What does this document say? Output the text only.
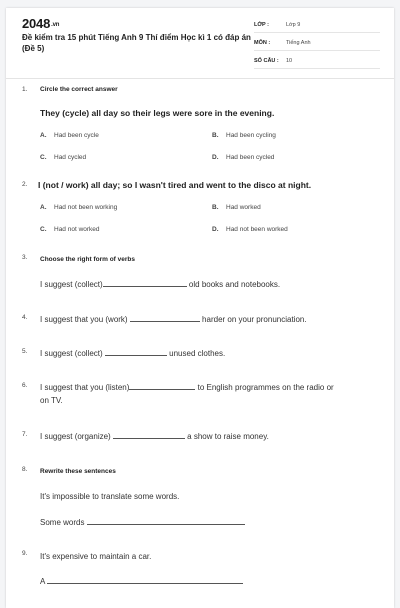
2048.vn
Đề kiểm tra 15 phút Tiếng Anh 9 Thí điểm Học kì 1 có đáp án (Đề 5)
LỚP :	Lớp 9
MÔN :	Tiếng Anh
SỐ CÂU : 10
1. Circle the correct answer
They (cycle) all day so their legs were sore in the evening.
A. Had been cycle	B. Had been cycling
C. Had cycled	D. Had been cycled
2. I (not / work) all day; so I wasn't tired and went to the disco at night.
A. Had not been working	B. Had worked
C. Had not worked	D. Had not been worked
3. Choose the right form of verbs
I suggest (collect)	old books and notebooks.
4. I suggest that you (work)	harder on your pronunciation.
5. I suggest (collect)	unused clothes.
6. I suggest that you (listen)	to English programmes on the radio or
on TV.
7. I suggest (organize)	a show to raise money.
8. Rewrite these sentences
It's impossible to translate some words.
Some words
9. It's expensive to maintain a car.
A
